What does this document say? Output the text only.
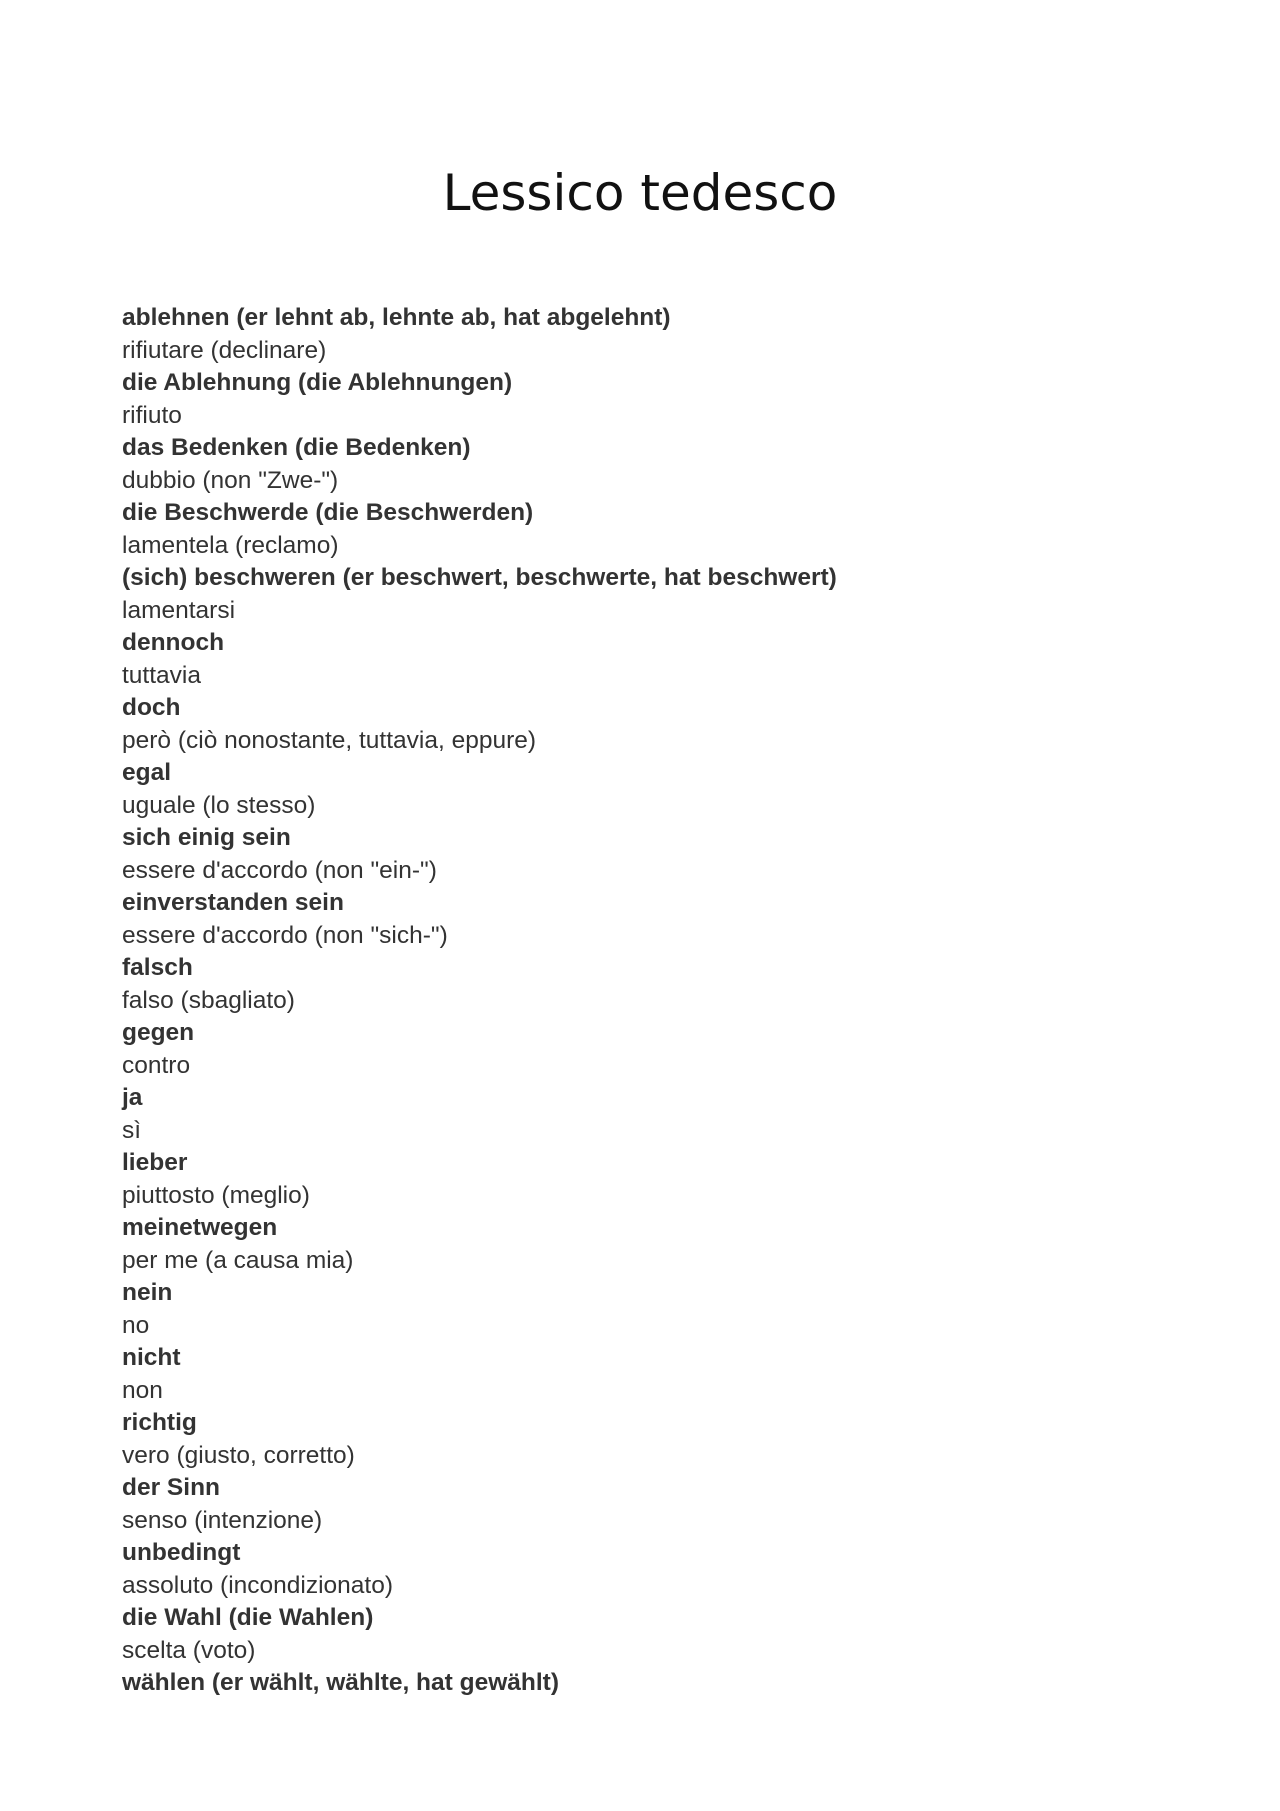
Lessico tedesco
ablehnen (er lehnt ab, lehnte ab, hat abgelehnt)
rifiutare (declinare)
die Ablehnung (die Ablehnungen)
rifiuto
das Bedenken (die Bedenken)
dubbio (non "Zwe-")
die Beschwerde (die Beschwerden)
lamentela (reclamo)
(sich) beschweren (er beschwert, beschwerte, hat beschwert)
lamentarsi
dennoch
tuttavia
doch
però (ciò nonostante, tuttavia, eppure)
egal
uguale (lo stesso)
sich einig sein
essere d'accordo (non "ein-")
einverstanden sein
essere d'accordo (non "sich-")
falsch
falso (sbagliato)
gegen
contro
ja
sì
lieber
piuttosto (meglio)
meinetwegen
per me (a causa mia)
nein
no
nicht
non
richtig
vero (giusto, corretto)
der Sinn
senso (intenzione)
unbedingt
assoluto (incondizionato)
die Wahl (die Wahlen)
scelta (voto)
wählen (er wählt, wählte, hat gewählt)
